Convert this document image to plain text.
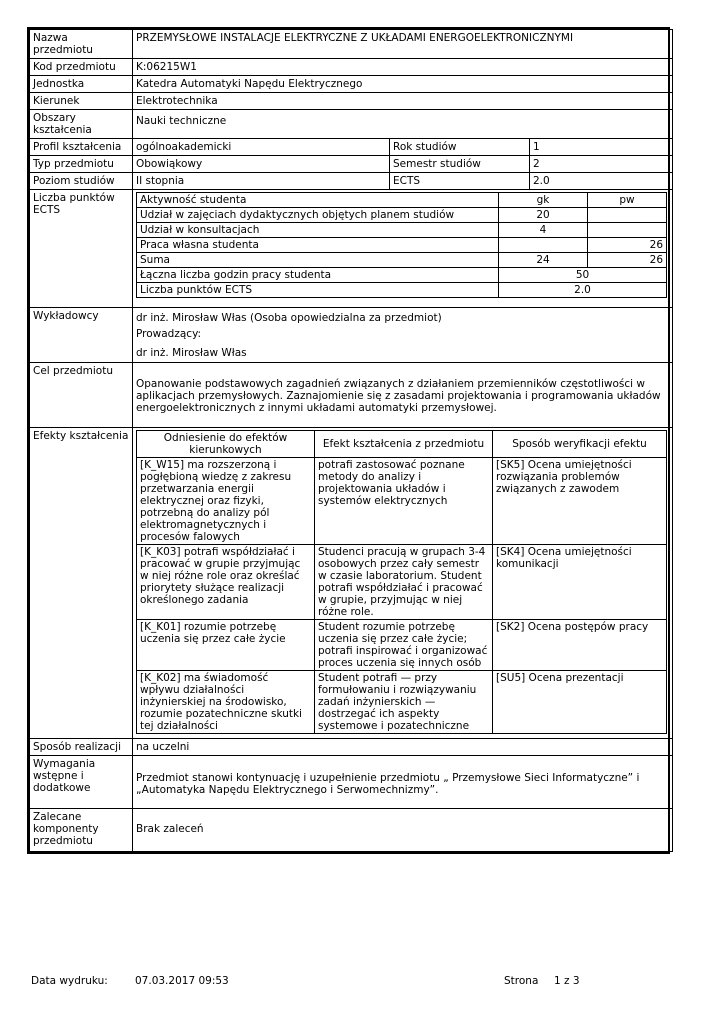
Nazwa przedmiotu	PRZEMYSŁOWE INSTALACJE ELEKTRYCZNE Z UKŁADAMI ENERGOELEKTRONICZNYMI
Kod przedmiotu	K:06215W1
Jednostka	Katedra Automatyki Napędu Elektrycznego
Kierunek	Elektrotechnika
Obszary kształcenia	Nauki techniczne
Profil kształcenia	ogólnoakademicki	Rok studiów	1
Typ przedmiotu	Obowiąkowy	Semestr studiów	2
Poziom studiów	II stopnia	ECTS	2.0
Liczba punktów ECTS	
Aktywność studenta	gk	pw
Udział w zajęciach dydaktycznych objętych planem studiów	20	
Udział w konsultacjach	4	
Praca własna studenta		26
Suma	24	26
Łączna liczba godzin pracy studenta	50
Liczba punktów ECTS	2.0

Wykładowcy	dr inż. Mirosław Włas (Osoba opowiedzialna za przedmiot)
Prowadzący:
dr inż. Mirosław Włas

Cel przedmiotu	Opanowanie podstawowych zagadnień związanych z działaniem przemienników częstotliwości w aplikacjach przemysłowych. Zaznajomienie się z zasadami projektowania i programowania układów energoelektronicznych z innymi układami automatyki przemysłowej.
Efekty kształcenia		Odniesienie do efektów kierunkowych	Efekt kształcenia z przedmiotu	Sposób weryfikacji efektu
[K_W15] ma rozszerzoną i pogłębioną wiedzę z zakresu przetwarzania energii elektrycznej oraz fizyki, potrzebną do analizy pól elektromagnetycznych i procesów falowych	potrafi zastosować poznane metody do analizy i projektowania układów i systemów elektrycznych	[SK5] Ocena umiejętności rozwiązania problemów związanych z zawodem
[K_K03] potrafi współdziałać i pracować w grupie przyjmując w niej różne role oraz określać priorytety służące realizacji określonego zadania	Studenci pracują w grupach 3-4 osobowych przez cały semestr w czasie laboratorium. Student potrafi współdziałać i pracować w grupie, przyjmując w niej różne role.	[SK4] Ocena umiejętności komunikacji
[K_K01] rozumie potrzebę uczenia się przez całe życie	Student rozumie potrzebę uczenia się przez całe życie; potrafi inspirować i organizować proces uczenia się innych osób	[SK2] Ocena postępów pracy
[K_K02] ma świadomość wpływu działalności inżynierskiej na środowisko, rozumie pozatechniczne skutki tej działalności	Student potrafi — przy formułowaniu i rozwiązywaniu zadań inżynierskich — dostrzegać ich aspekty systemowe i pozatechniczne	[SU5] Ocena prezentacji

Sposób realizacji	na uczelni
Wymagania wstępne i dodatkowe	Przedmiot stanowi kontynuację i uzupełnienie przedmiotu „ Przemysłowe Sieci Informatyczne” i „Automatyka Napędu Elektrycznego i Serwomechnizmy”.
Zalecane komponenty przedmiotu	Brak zaleceń
Data wydruku:	07.03.2017 09:53	Strona 1 z 3
